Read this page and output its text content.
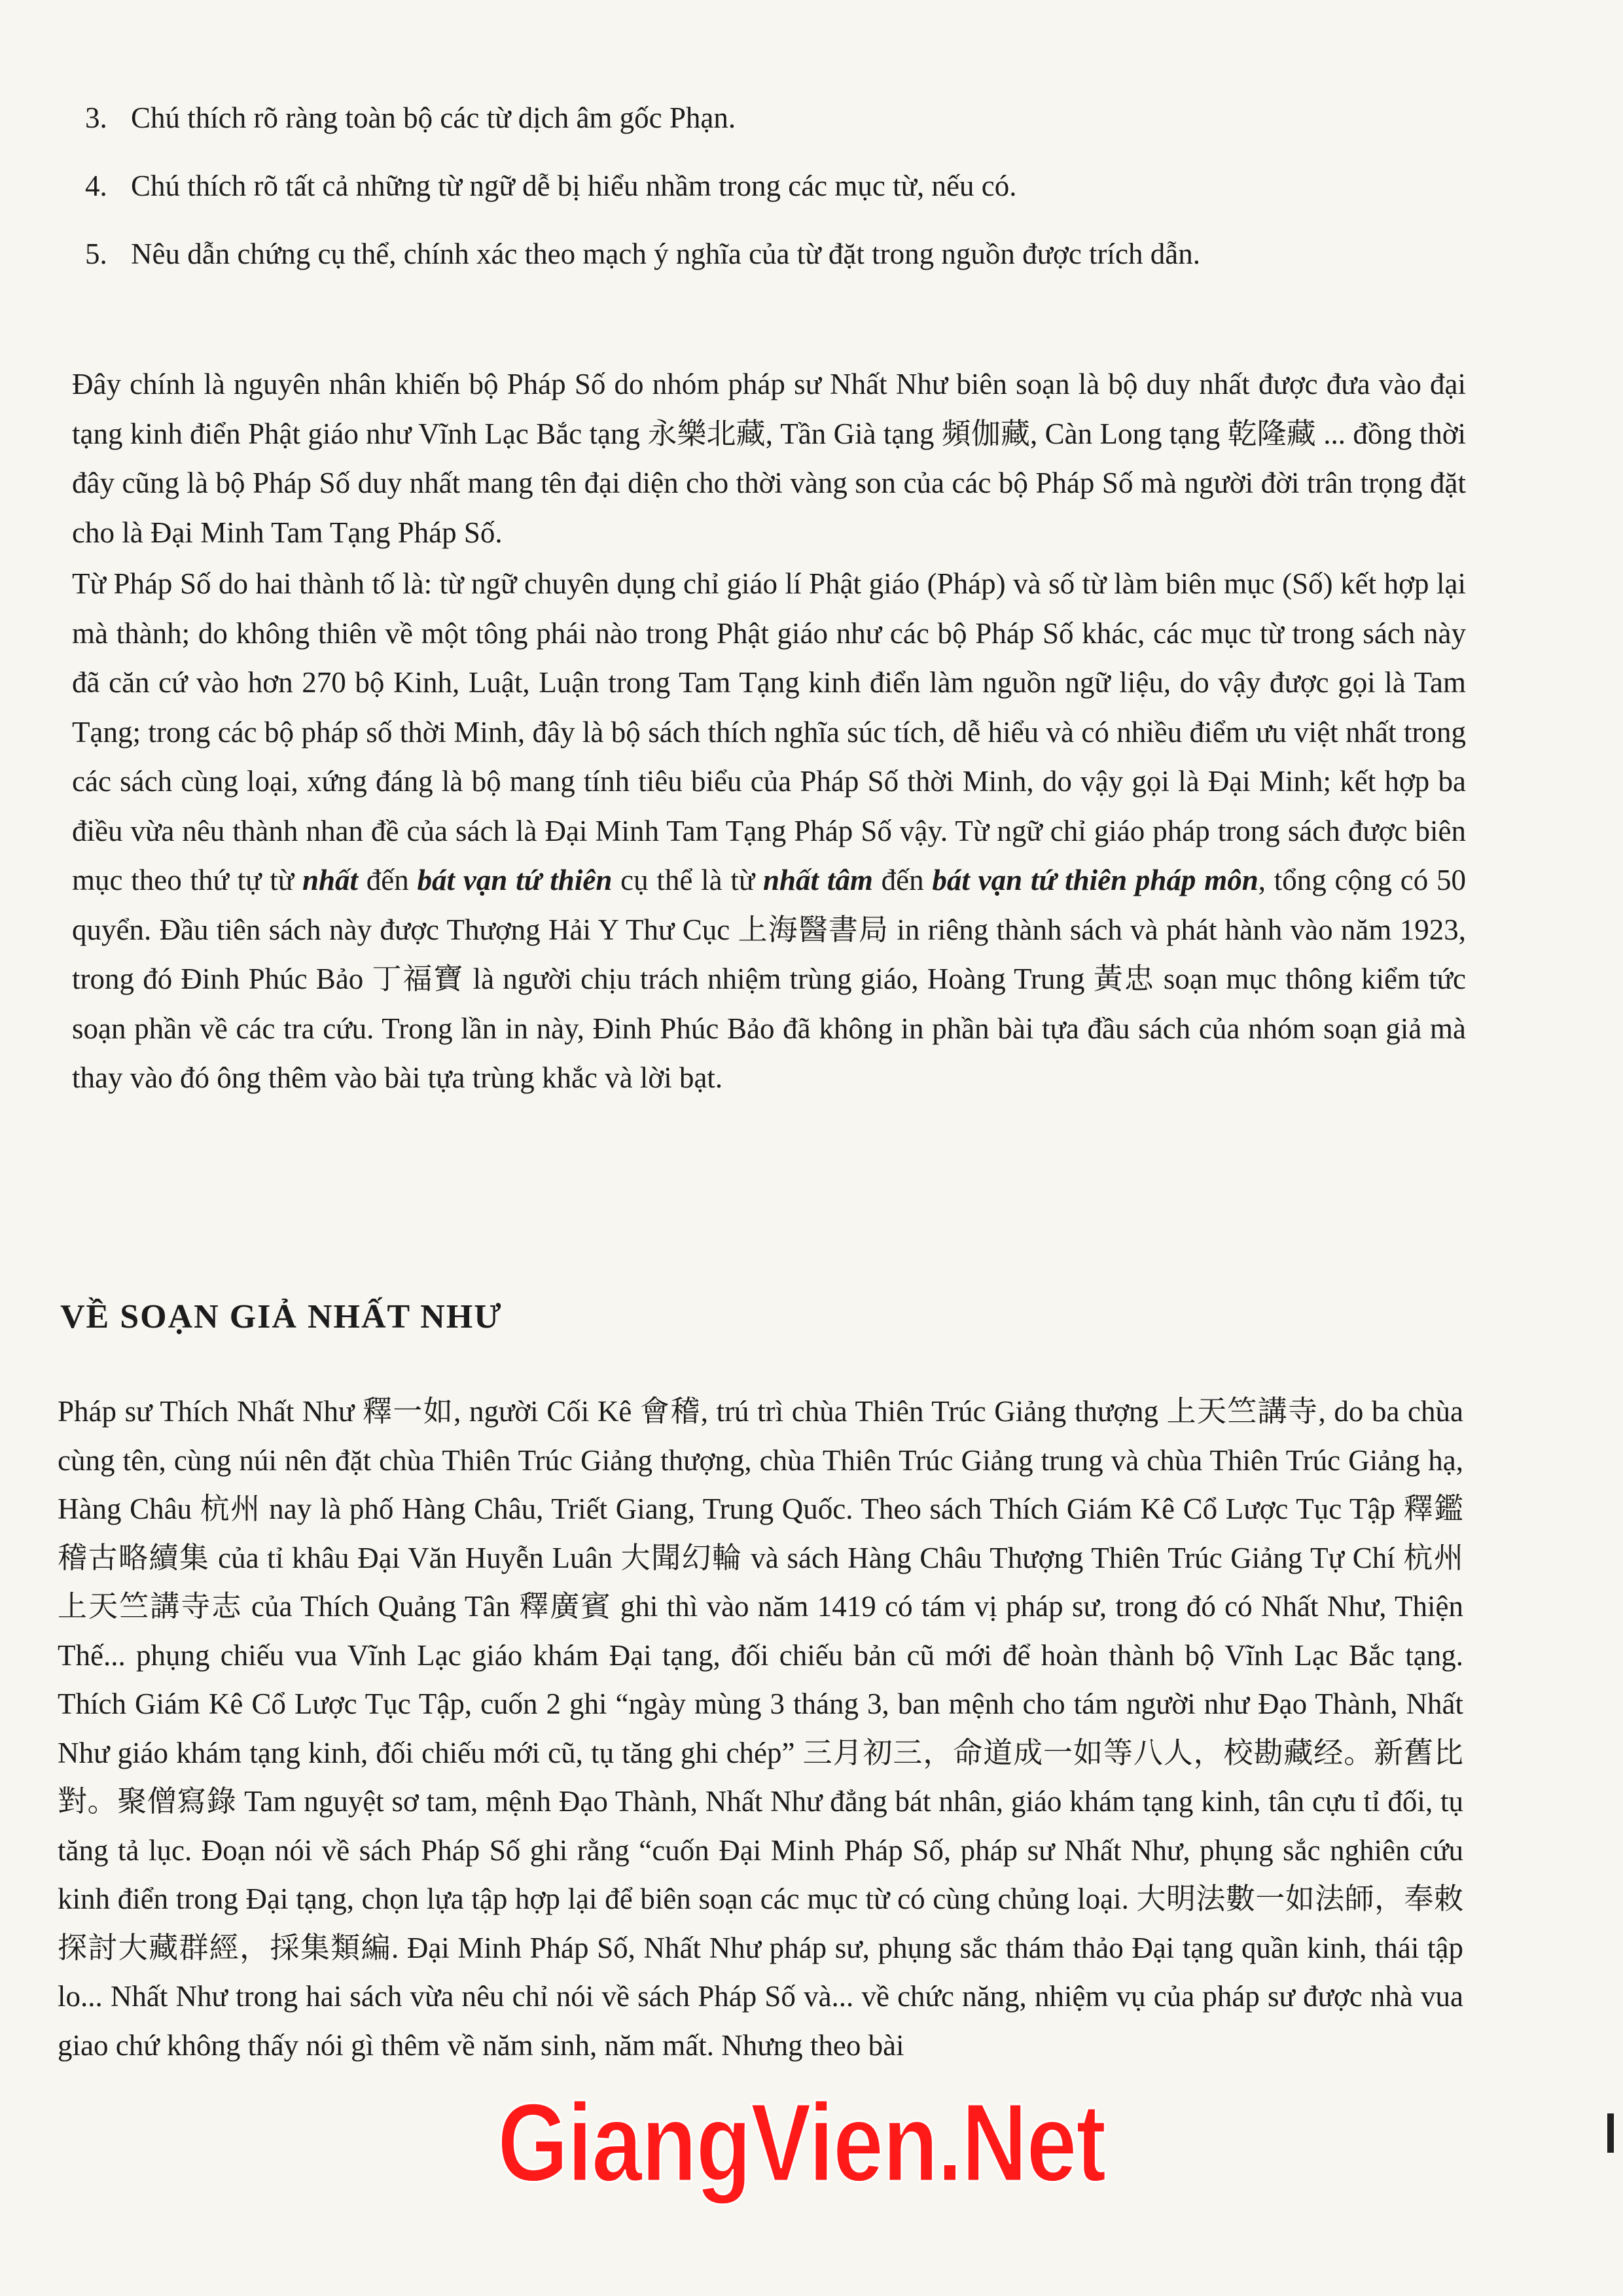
3. Chú thích rõ ràng toàn bộ các từ dịch âm gốc Phạn.
4. Chú thích rõ tất cả những từ ngữ dễ bị hiểu nhầm trong các mục từ, nếu có.
5. Nêu dẫn chứng cụ thể, chính xác theo mạch ý nghĩa của từ đặt trong nguồn được trích dẫn.

Đây chính là nguyên nhân khiến bộ Pháp Số do nhóm pháp sư Nhất Như biên soạn là bộ duy nhất được đưa vào đại tạng kinh điển Phật giáo như Vĩnh Lạc Bắc tạng 永樂北藏, Tần Già tạng 頻伽藏, Càn Long tạng 乾隆藏 ... đồng thời đây cũng là bộ Pháp Số duy nhất mang tên đại diện cho thời vàng son của các bộ Pháp Số mà người đời trân trọng đặt cho là Đại Minh Tam Tạng Pháp Số.

Từ Pháp Số do hai thành tố là: từ ngữ chuyên dụng chỉ giáo lí Phật giáo (Pháp) và số từ làm biên mục (Số) kết hợp lại mà thành; do không thiên về một tông phái nào trong Phật giáo như các bộ Pháp Số khác, các mục từ trong sách này đã căn cứ vào hơn 270 bộ Kinh, Luật, Luận trong Tam Tạng kinh điển làm nguồn ngữ liệu, do vậy được gọi là Tam Tạng; trong các bộ pháp số thời Minh, đây là bộ sách thích nghĩa súc tích, dễ hiểu và có nhiều điểm ưu việt nhất trong các sách cùng loại, xứng đáng là bộ mang tính tiêu biểu của Pháp Số thời Minh, do vậy gọi là Đại Minh; kết hợp ba điều vừa nêu thành nhan đề của sách là Đại Minh Tam Tạng Pháp Số vậy. Từ ngữ chỉ giáo pháp trong sách được biên mục theo thứ tự từ nhất đến bát vạn tứ thiên cụ thể là từ nhất tâm đến bát vạn tứ thiên pháp môn, tổng cộng có 50 quyển. Đầu tiên sách này được Thượng Hải Y Thư Cục 上海醫書局 in riêng thành sách và phát hành vào năm 1923, trong đó Đinh Phúc Bảo 丁福寶 là người chịu trách nhiệm trùng giáo, Hoàng Trung 黃忠 soạn mục thông kiểm tức soạn phần về các tra cứu. Trong lần in này, Đinh Phúc Bảo đã không in phần bài tựa đầu sách của nhóm soạn giả mà thay vào đó ông thêm vào bài tựa trùng khắc và lời bạt.

VỀ SOẠN GIẢ NHẤT NHƯ

Pháp sư Thích Nhất Như 釋一如, người Cối Kê 會稽, trú trì chùa Thiên Trúc Giảng thượng 上天竺講寺, do ba chùa cùng tên, cùng núi nên đặt chùa Thiên Trúc Giảng thượng, chùa Thiên Trúc Giảng trung và chùa Thiên Trúc Giảng hạ, Hàng Châu 杭州 nay là phố Hàng Châu, Triết Giang, Trung Quốc. Theo sách Thích Giám Kê Cổ Lược Tục Tập 釋鑑稽古略續集 của tỉ khâu Đại Văn Huyễn Luân 大聞幻輪 và sách Hàng Châu Thượng Thiên Trúc Giảng Tự Chí 杭州上天竺講寺志 của Thích Quảng Tân 釋廣賓 ghi thì vào năm 1419 có tám vị pháp sư, trong đó có Nhất Như, Thiện Thế... phụng chiếu vua Vĩnh Lạc giáo khám Đại tạng, đối chiếu bản cũ mới để hoàn thành bộ Vĩnh Lạc Bắc tạng. Thích Giám Kê Cổ Lược Tục Tập, cuốn 2 ghi “ngày mùng 3 tháng 3, ban mệnh cho tám người như Đạo Thành, Nhất Như giáo khám tạng kinh, đối chiếu mới cũ, tụ tăng ghi chép” 三月初三，命道成一如等八人，校勘藏经。新舊比對。聚僧寫錄 Tam nguyệt sơ tam, mệnh Đạo Thành, Nhất Như đẳng bát nhân, giáo khám tạng kinh, tân cựu tỉ đối, tụ tăng tả lục. Đoạn nói về sách Pháp Số ghi rằng “cuốn Đại Minh Pháp Số, pháp sư Nhất Như, phụng sắc nghiên cứu kinh điển trong Đại tạng, chọn lựa tập hợp lại để biên soạn các mục từ có cùng chủng loại. 大明法數一如法師，奉敕探討大藏群經，採集類編. Đại Minh Pháp Số, Nhất Như pháp sư, phụng sắc thám thảo Đại tạng quần kinh, thái tập lo... Nhất Như trong hai sách vừa nêu chỉ nói về sách Pháp Số và... về chức năng, nhiệm vụ của pháp sư được nhà vua giao chứ không thấy nói gì thêm về năm sinh, năm mất. Nhưng theo bài

GiangVien.Net
